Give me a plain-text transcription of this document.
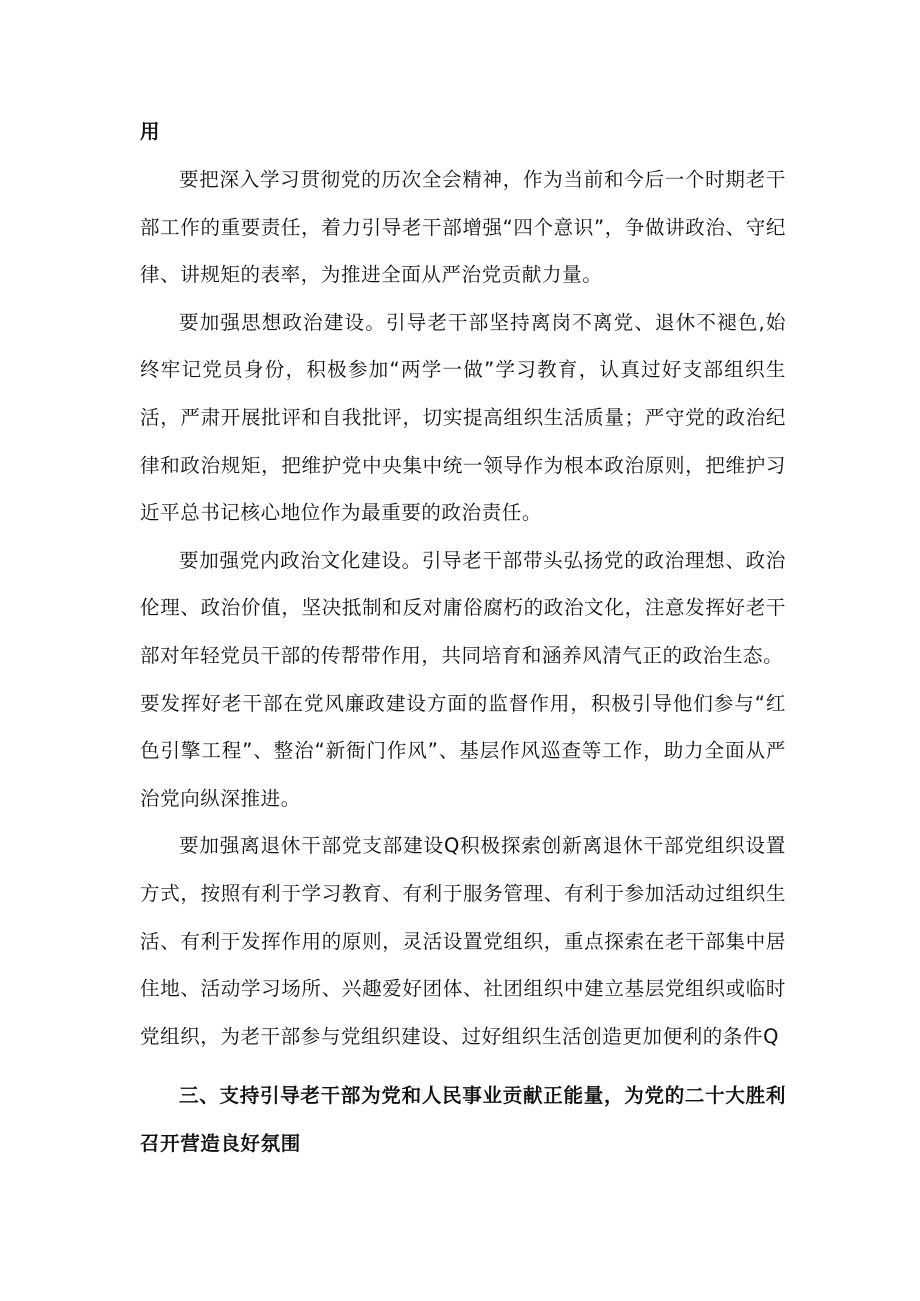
用

要把深入学习贯彻党的历次全会精神，作为当前和今后一个时期老干部工作的重要责任，着力引导老干部增强“四个意识”，争做讲政治、守纪律、讲规矩的表率，为推进全面从严治党贡献力量。

要加强思想政治建设。引导老干部坚持离岗不离党、退休不褪色,始终牢记党员身份，积极参加“两学一做”学习教育，认真过好支部组织生活，严肃开展批评和自我批评，切实提高组织生活质量；严守党的政治纪律和政治规矩，把维护党中央集中统一领导作为根本政治原则，把维护习近平总书记核心地位作为最重要的政治责任。

要加强党内政治文化建设。引导老干部带头弘扬党的政治理想、政治伦理、政治价值，坚决抵制和反对庸俗腐朽的政治文化，注意发挥好老干部对年轻党员干部的传帮带作用，共同培育和涵养风清气正的政治生态。

要发挥好老干部在党风廉政建设方面的监督作用，积极引导他们参与“红色引擎工程”、整治“新衙门作风”、基层作风巡查等工作，助力全面从严治党向纵深推进。

要加强离退休干部党支部建设Q积极探索创新离退休干部党组织设置方式，按照有利于学习教育、有利于服务管理、有利于参加活动过组织生活、有利于发挥作用的原则，灵活设置党组织，重点探索在老干部集中居住地、活动学习场所、兴趣爱好团体、社团组织中建立基层党组织或临时党组织，为老干部参与党组织建设、过好组织生活创造更加便利的条件Q

三、支持引导老干部为党和人民事业贡献正能量，为党的二十大胜利召开营造良好氛围
